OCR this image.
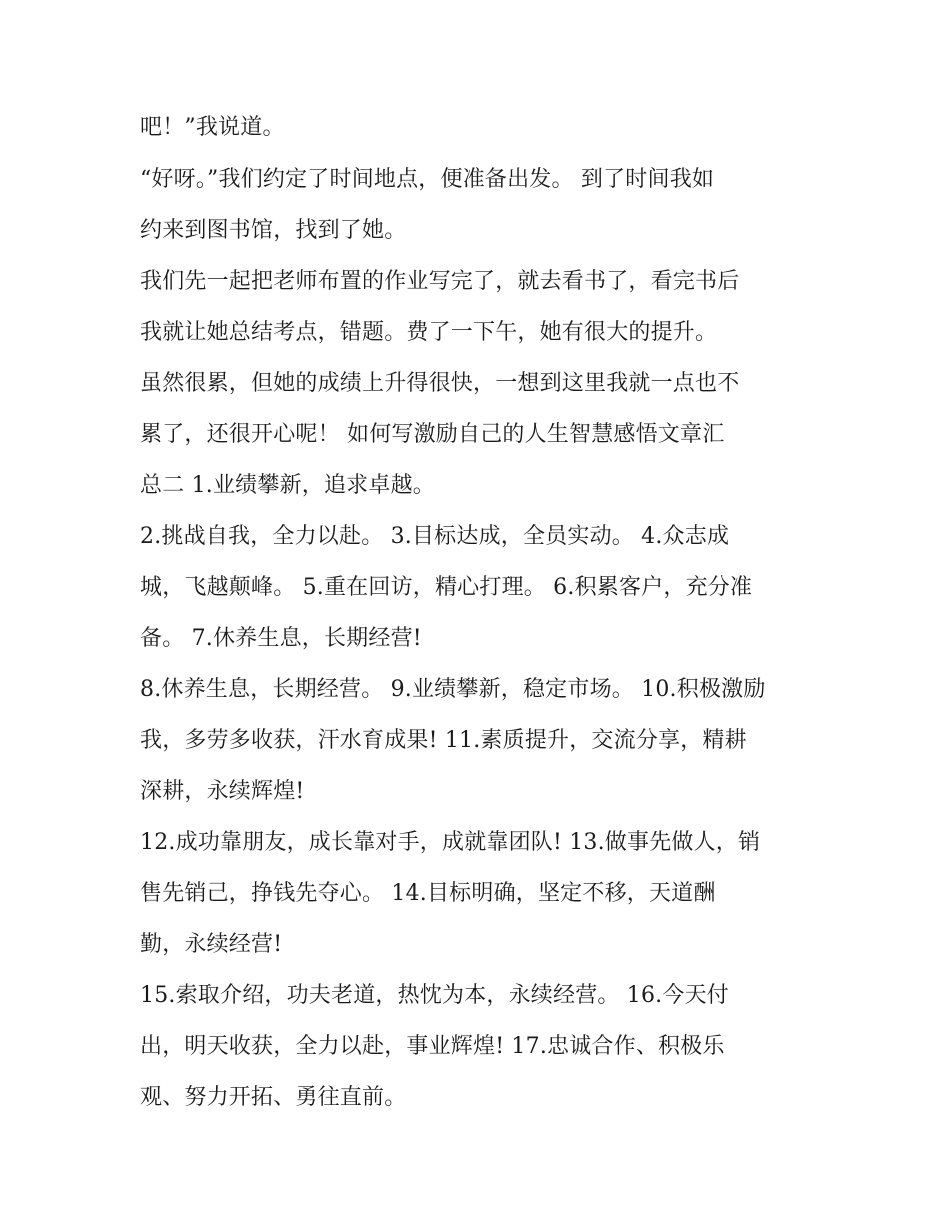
吧！”我说道。
“好呀。”我们约定了时间地点，便准备出发。 到了时间我如
约来到图书馆，找到了她。
我们先一起把老师布置的作业写完了，就去看书了，看完书后
我就让她总结考点，错题。费了一下午，她有很大的提升。
虽然很累，但她的成绩上升得很快，一想到这里我就一点也不
累了，还很开心呢！ 如何写激励自己的人生智慧感悟文章汇
总二 1.业绩攀新，追求卓越。
2.挑战自我，全力以赴。 3.目标达成，全员实动。 4.众志成
城，飞越颠峰。 5.重在回访，精心打理。 6.积累客户，充分准
备。 7.休养生息，长期经营!
8.休养生息，长期经营。 9.业绩攀新，稳定市场。 10.积极激励
我，多劳多收获，汗水育成果! 11.素质提升，交流分享，精耕
深耕，永续辉煌!
12.成功靠朋友，成长靠对手，成就靠团队! 13.做事先做人，销
售先销己，挣钱先夺心。 14.目标明确，坚定不移，天道酬
勤，永续经营!
15.索取介绍，功夫老道，热忱为本，永续经营。 16.今天付
出，明天收获，全力以赴，事业辉煌! 17.忠诚合作、积极乐
观、努力开拓、勇往直前。
